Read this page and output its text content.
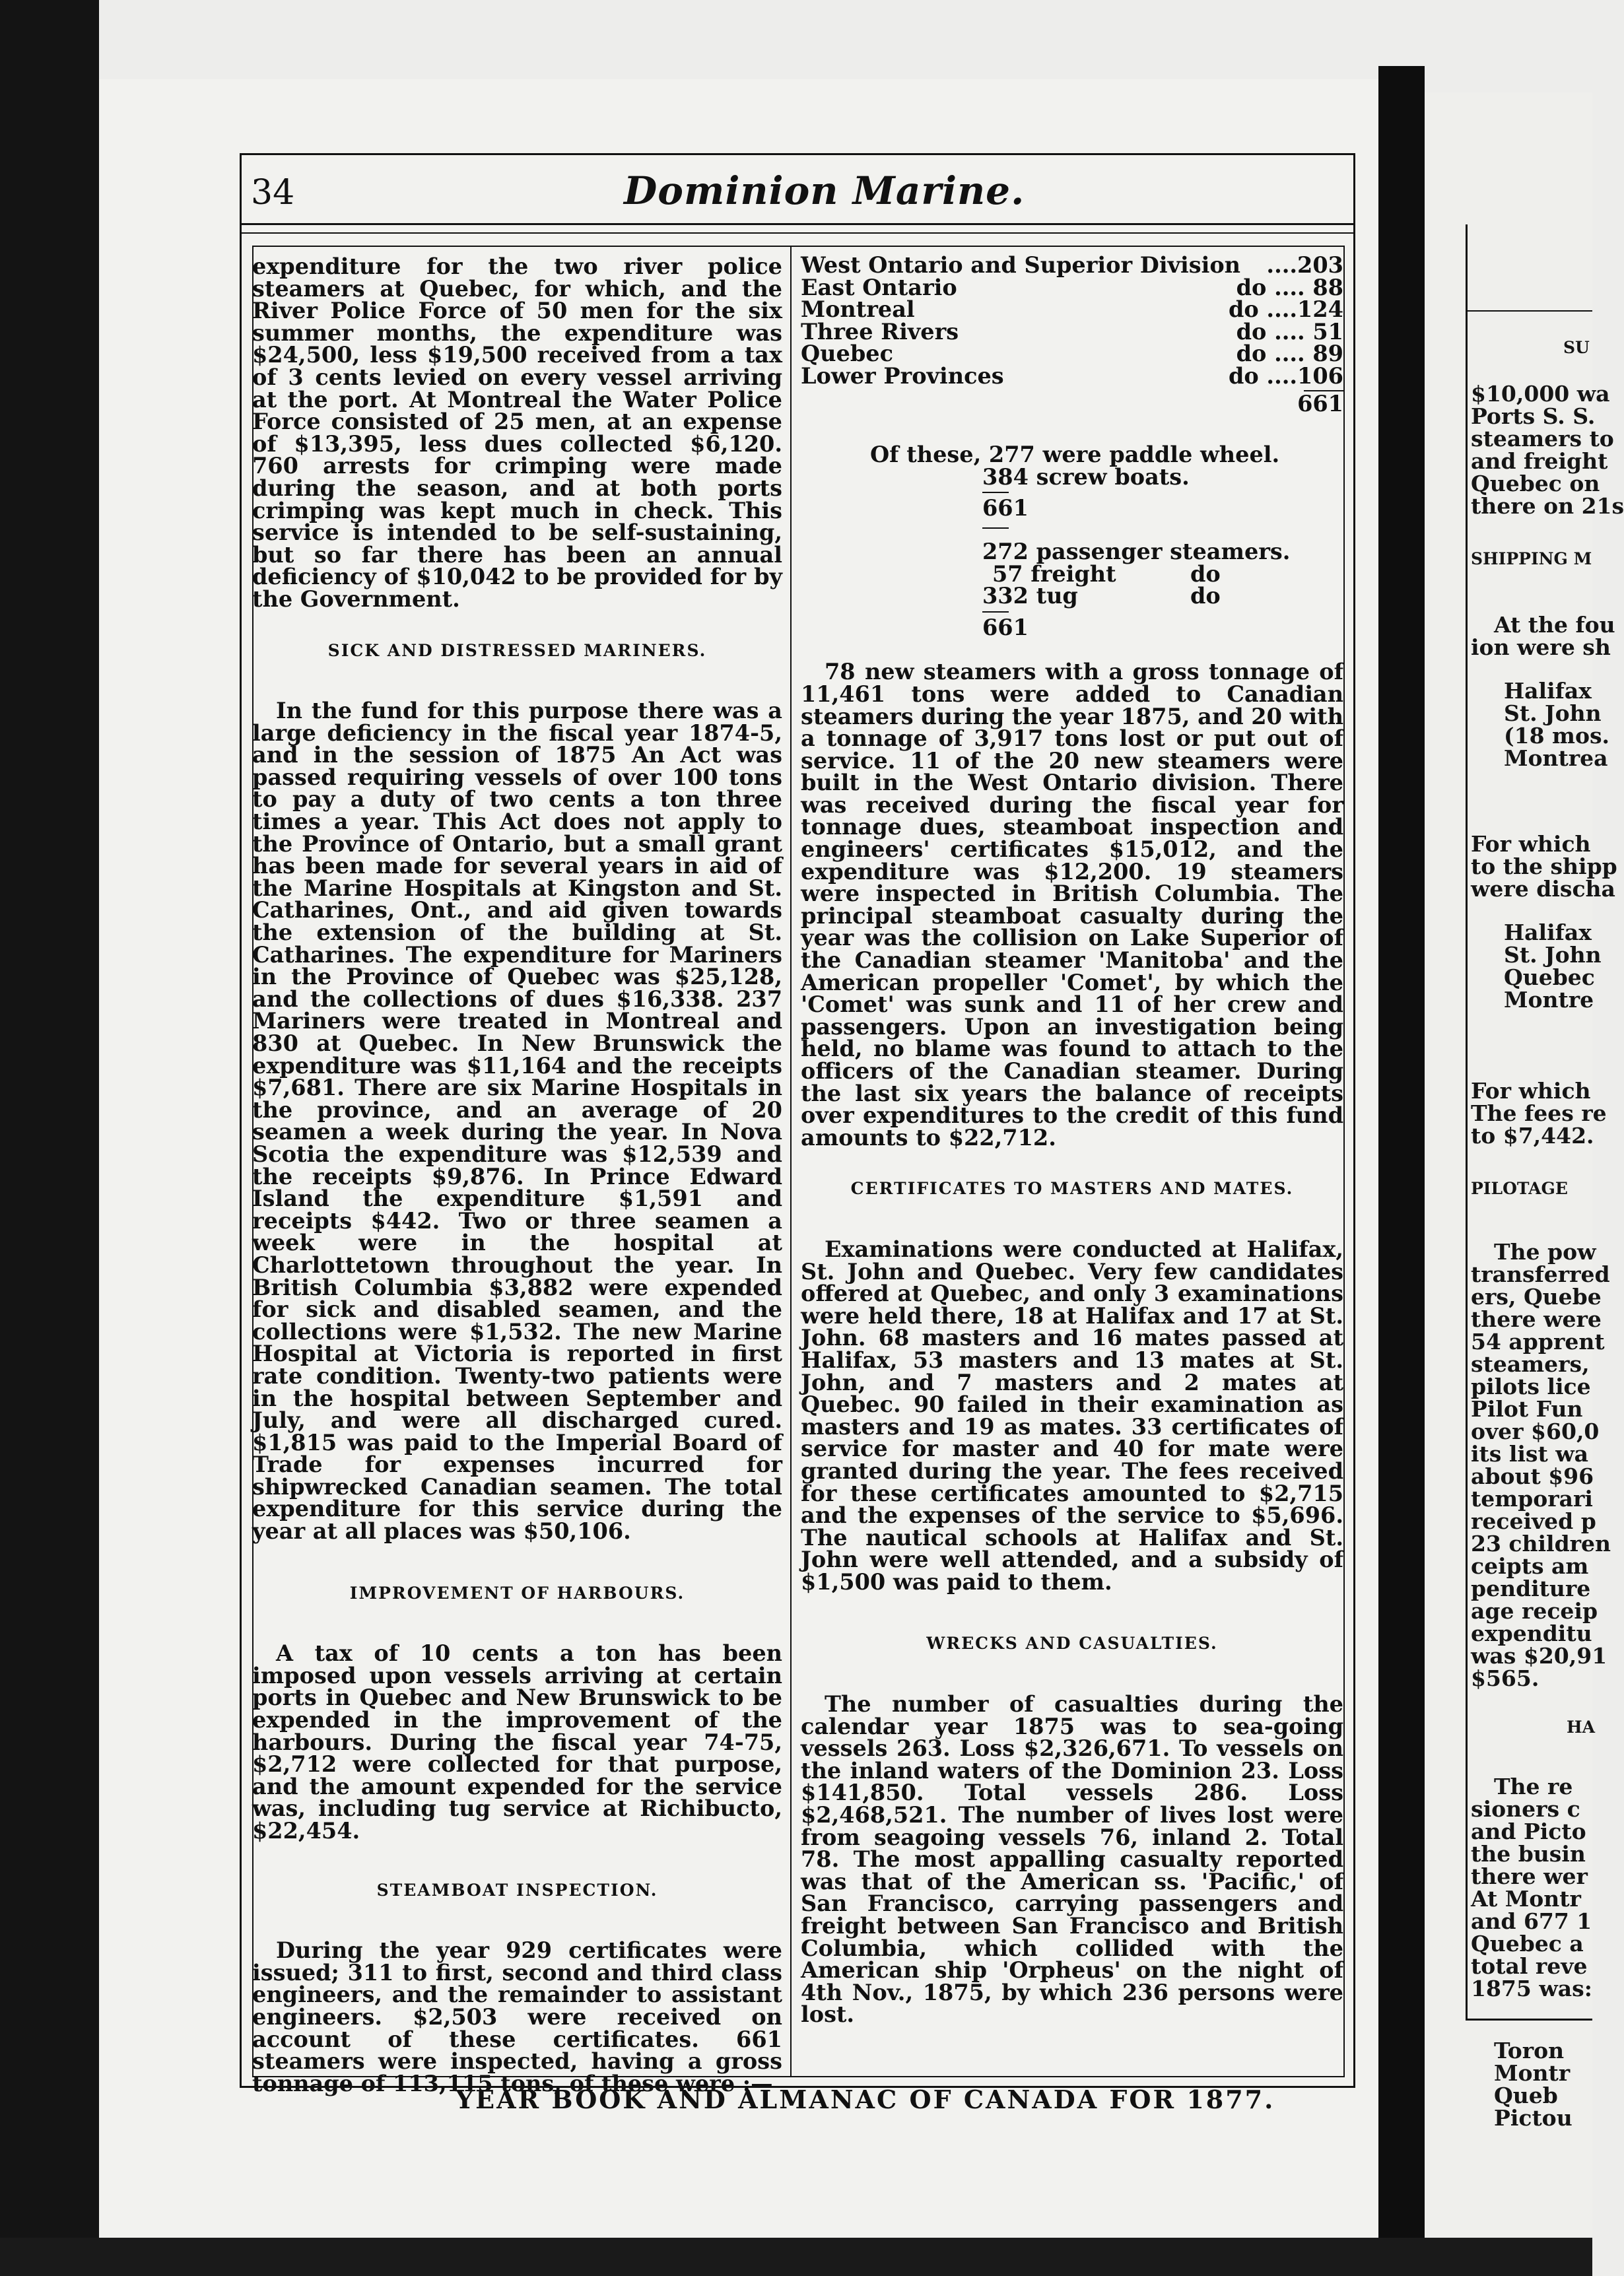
34	Dominion Marine.

expenditure for the two river police steamers at Quebec, for which, and the River Police Force of 50 men for the six summer months, the expenditure was $24,500, less $19,500 received from a tax of 3 cents levied on every vessel arriving at the port. At Montreal the Water Police Force consisted of 25 men, at an expense of $13,395, less dues collected $6,120. 760 arrests for crimping were made during the season, and at both ports crimping was kept much in check. This service is intended to be self-sustaining, but so far there has been an annual deficiency of $10,042 to be provided for by the Government.

SICK AND DISTRESSED MARINERS.

In the fund for this purpose there was a large deficiency in the fiscal year 1874-5, and in the session of 1875 An Act was passed requiring vessels of over 100 tons to pay a duty of two cents a ton three times a year. This Act does not apply to the Province of Ontario, but a small grant has been made for several years in aid of the Marine Hospitals at Kingston and St. Catharines, Ont., and aid given towards the extension of the building at St. Catharines. The expenditure for Mariners in the Province of Quebec was $25,128, and the collections of dues $16,338. 237 Mariners were treated in Montreal and 830 at Quebec. In New Brunswick the expenditure was $11,164 and the receipts $7,681. There are six Marine Hospitals in the province, and an average of 20 seamen a week during the year. In Nova Scotia the expenditure was $12,539 and the receipts $9,876. In Prince Edward Island the expenditure $1,591 and receipts $442. Two or three seamen a week were in the hospital at Charlottetown throughout the year. In British Columbia $3,882 were expended for sick and disabled seamen, and the collections were $1,532. The new Marine Hospital at Victoria is reported in first rate condition. Twenty-two patients were in the hospital between September and July, and were all discharged cured. $1,815 was paid to the Imperial Board of Trade for expenses incurred for shipwrecked Canadian seamen. The total expenditure for this service during the year at all places was $50,106.

IMPROVEMENT OF HARBOURS.

A tax of 10 cents a ton has been imposed upon vessels arriving at certain ports in Quebec and New Brunswick to be expended in the improvement of the harbours. During the fiscal year 74-75, $2,712 were collected for that purpose, and the amount expended for the service was, including tug service at Richibucto, $22,454.

STEAMBOAT INSPECTION.

During the year 929 certificates were issued; 311 to first, second and third class engineers, and the remainder to assistant engineers. $2,503 were received on account of these certificates. 661 steamers were inspected, having a gross tonnage of 113,115 tons, of these were :—

West Ontario and Superior Division ....203
East Ontario	do .... 88
Montreal	do ....124
Three Rivers	do .... 51
Quebec	do .... 89
Lower Provinces	do ....106
661
Of these, 277 were paddle wheel.
384 screw boats.
661
272 passenger steamers.
57 freight	do
332 tug	do
661

78 new steamers with a gross tonnage of 11,461 tons were added to Canadian steamers during the year 1875, and 20 with a tonnage of 3,917 tons lost or put out of service. 11 of the 20 new steamers were built in the West Ontario division. There was received during the fiscal year for tonnage dues, steamboat inspection and engineers' certificates $15,012, and the expenditure was $12,200. 19 steamers were inspected in British Columbia. The principal steamboat casualty during the year was the collision on Lake Superior of the Canadian steamer 'Manitoba' and the American propeller 'Comet', by which the 'Comet' was sunk and 11 of her crew and passengers. Upon an investigation being held, no blame was found to attach to the officers of the Canadian steamer. During the last six years the balance of receipts over expenditures to the credit of this fund amounts to $22,712.

CERTIFICATES TO MASTERS AND MATES.

Examinations were conducted at Halifax, St. John and Quebec. Very few candidates offered at Quebec, and only 3 examinations were held there, 18 at Halifax and 17 at St. John. 68 masters and 16 mates passed at Halifax, 53 masters and 13 mates at St. John, and 7 masters and 2 mates at Quebec. 90 failed in their examination as masters and 19 as mates. 33 certificates of service for master and 40 for mate were granted during the year. The fees received for these certificates amounted to $2,715 and the expenses of the service to $5,696. The nautical schools at Halifax and St. John were well attended, and a subsidy of $1,500 was paid to them.

WRECKS AND CASUALTIES.

The number of casualties during the calendar year 1875 was to sea-going vessels 263. Loss $2,326,671. To vessels on the inland waters of the Dominion 23. Loss $141,850. Total vessels 286. Loss $2,468,521. The number of lives lost were from seagoing vessels 76, inland 2. Total 78. The most appalling casualty reported was that of the American ss. 'Pacific,' of San Francisco, carrying passengers and freight between San Francisco and British Columbia, which collided with the American ship 'Orpheus' on the night of 4th Nov., 1875, by which 236 persons were lost.

YEAR BOOK AND ALMANAC OF CANADA FOR 1877.
SU
$10,000 wa
Ports S. S.
steamers to
and freight
Quebec on
there on 21s
SHIPPING M
At the fou
ion were sh
Halifax
St. John
(18 mos.
Montrea
For which
to the shipp
were discha
Halifax
St. John
Quebec
Montre
For which
The fees re
to $7,442.
PILOTAGE
The pow
transferred
ers, Quebe
there were
54 apprent
steamers,
pilots lice
Pilot Fun
over $60,0
its list wa
about $96
temporari
received p
23 children
ceipts am
penditure
age receip
expenditu
was $20,91
$565.
HA
The re
sioners c
and Picto
the busin
there wer
At Montr
and 677 1
Quebec a
total reve
1875 was:
Toron
Montr
Queb
Pictou
